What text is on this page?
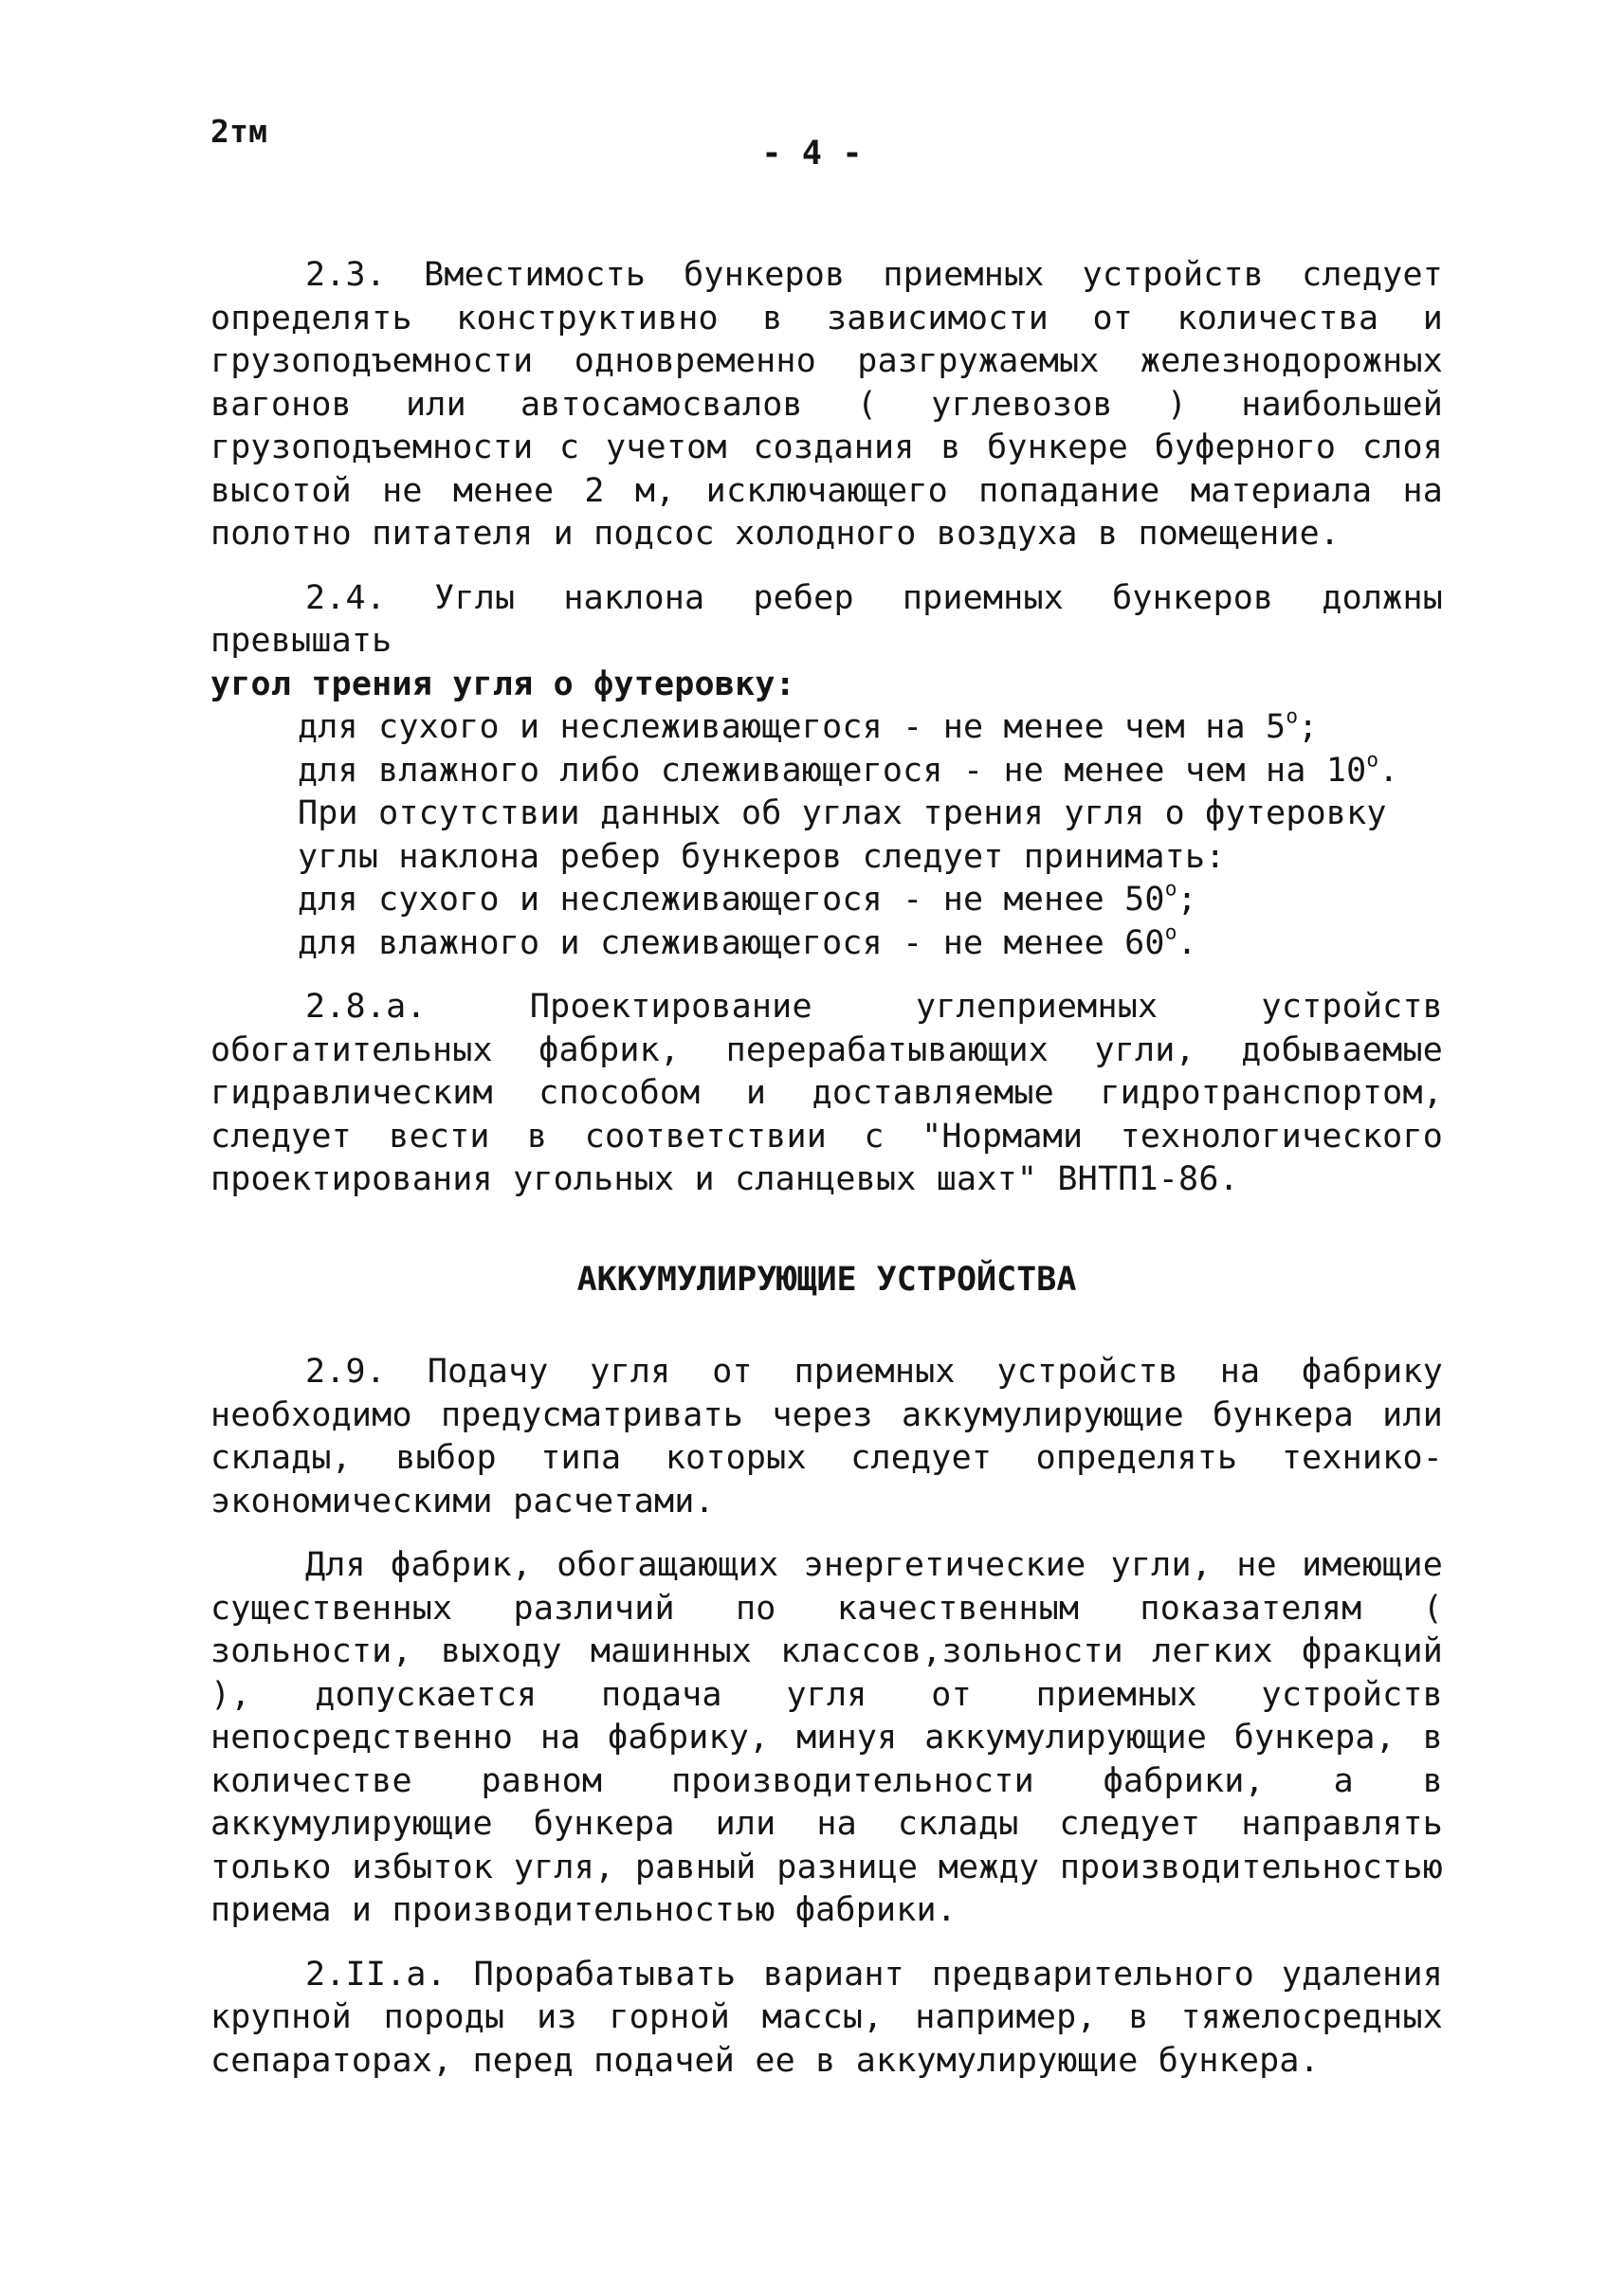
2тм
- 4 -

2.3. Вместимость бункеров приемных устройств следует определять конструктивно в зависимости от количества и грузоподъемности одновременно разгружаемых железнодорожных вагонов или автосамосвалов ( углевозов ) наибольшей грузоподъемности с учетом создания в бункере буферного слоя высотой не менее 2 м, исключающего попадание материала на полотно питателя и подсос холодного воздуха в помещение.

2.4. Углы наклона ребер приемных бункеров должны превышать

угол трения угля о футеровку:

для сухого и неслеживающегося - не менее чем на $5^о$;
для влажного либо слеживающегося - не менее чем на $10^о$.
При отсутствии данных об углах трения угля о футеровку
углы наклона ребер бункеров следует принимать:
для сухого и неслеживающегося - не менее $50^о$;
для влажного и слеживающегося - не менее $60^о$.

2.8.а. Проектирование углеприемных устройств обогатительных фабрик, перерабатывающих угли, добываемые гидравлическим способом и доставляемые гидротранспортом, следует вести в соответствии с "Нормами технологического проектирования угольных и сланцевых шахт" ВНТП1-86.

АККУМУЛИРУЮЩИЕ УСТРОЙСТВА

2.9. Подачу угля от приемных устройств на фабрику необходимо предусматривать через аккумулирующие бункера или склады, выбор типа которых следует определять технико-экономическими расчетами.

Для фабрик, обогащающих энергетические угли, не имеющие существенных различий по качественным показателям ( зольности, выходу машинных классов,зольности легких фракций ), допускается подача угля от приемных устройств непосредственно на фабрику, минуя аккумулирующие бункера, в количестве равном производительности фабрики, а в аккумулирующие бункера или на склады следует направлять только избыток угля, равный разнице между производительностью приема и производительностью фабрики.

2.II.а. Прорабатывать вариант предварительного удаления крупной породы из горной массы, например, в тяжелосредных сепараторах, перед подачей ее в аккумулирующие бункера.
